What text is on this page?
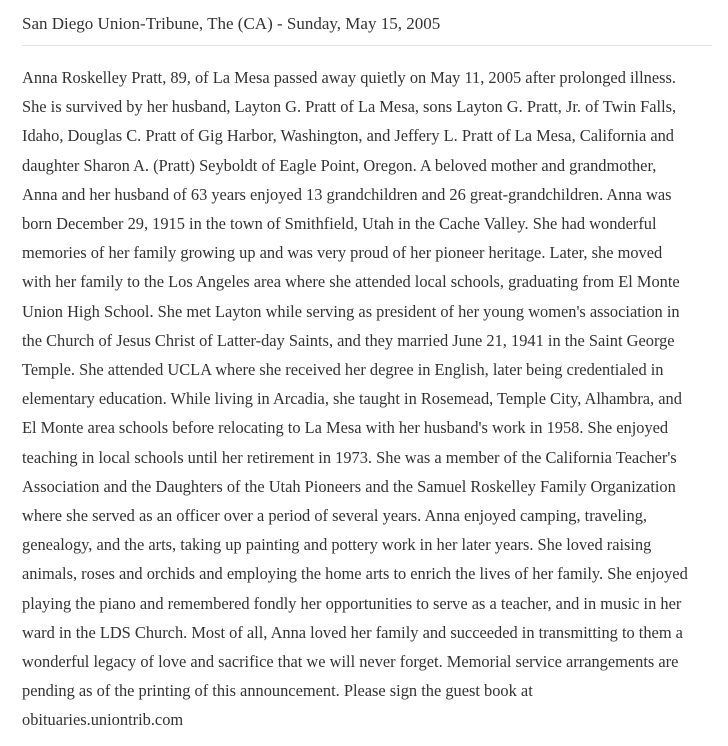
San Diego Union-Tribune, The (CA) - Sunday, May 15, 2005
Anna Roskelley Pratt, 89, of La Mesa passed away quietly on May 11, 2005 after prolonged illness.
She is survived by her husband, Layton G. Pratt of La Mesa, sons Layton G. Pratt, Jr. of Twin Falls,
Idaho, Douglas C. Pratt of Gig Harbor, Washington, and Jeffery L. Pratt of La Mesa, California and
daughter Sharon A. (Pratt) Seyboldt of Eagle Point, Oregon. A beloved mother and grandmother,
Anna and her husband of 63 years enjoyed 13 grandchildren and 26 great-grandchildren. Anna was
born December 29, 1915 in the town of Smithfield, Utah in the Cache Valley. She had wonderful
memories of her family growing up and was very proud of her pioneer heritage. Later, she moved
with her family to the Los Angeles area where she attended local schools, graduating from El Monte
Union High School. She met Layton while serving as president of her young women's association in
the Church of Jesus Christ of Latter-day Saints, and they married June 21, 1941 in the Saint George
Temple. She attended UCLA where she received her degree in English, later being credentialed in
elementary education. While living in Arcadia, she taught in Rosemead, Temple City, Alhambra, and
El Monte area schools before relocating to La Mesa with her husband's work in 1958. She enjoyed
teaching in local schools until her retirement in 1973. She was a member of the California Teacher's
Association and the Daughters of the Utah Pioneers and the Samuel Roskelley Family Organization
where she served as an officer over a period of several years. Anna enjoyed camping, traveling,
genealogy, and the arts, taking up painting and pottery work in her later years. She loved raising
animals, roses and orchids and employing the home arts to enrich the lives of her family. She enjoyed
playing the piano and remembered fondly her opportunities to serve as a teacher, and in music in her
ward in the LDS Church. Most of all, Anna loved her family and succeeded in transmitting to them a
wonderful legacy of love and sacrifice that we will never forget. Memorial service arrangements are
pending as of the printing of this announcement. Please sign the guest book at
obituaries.uniontrib.com
